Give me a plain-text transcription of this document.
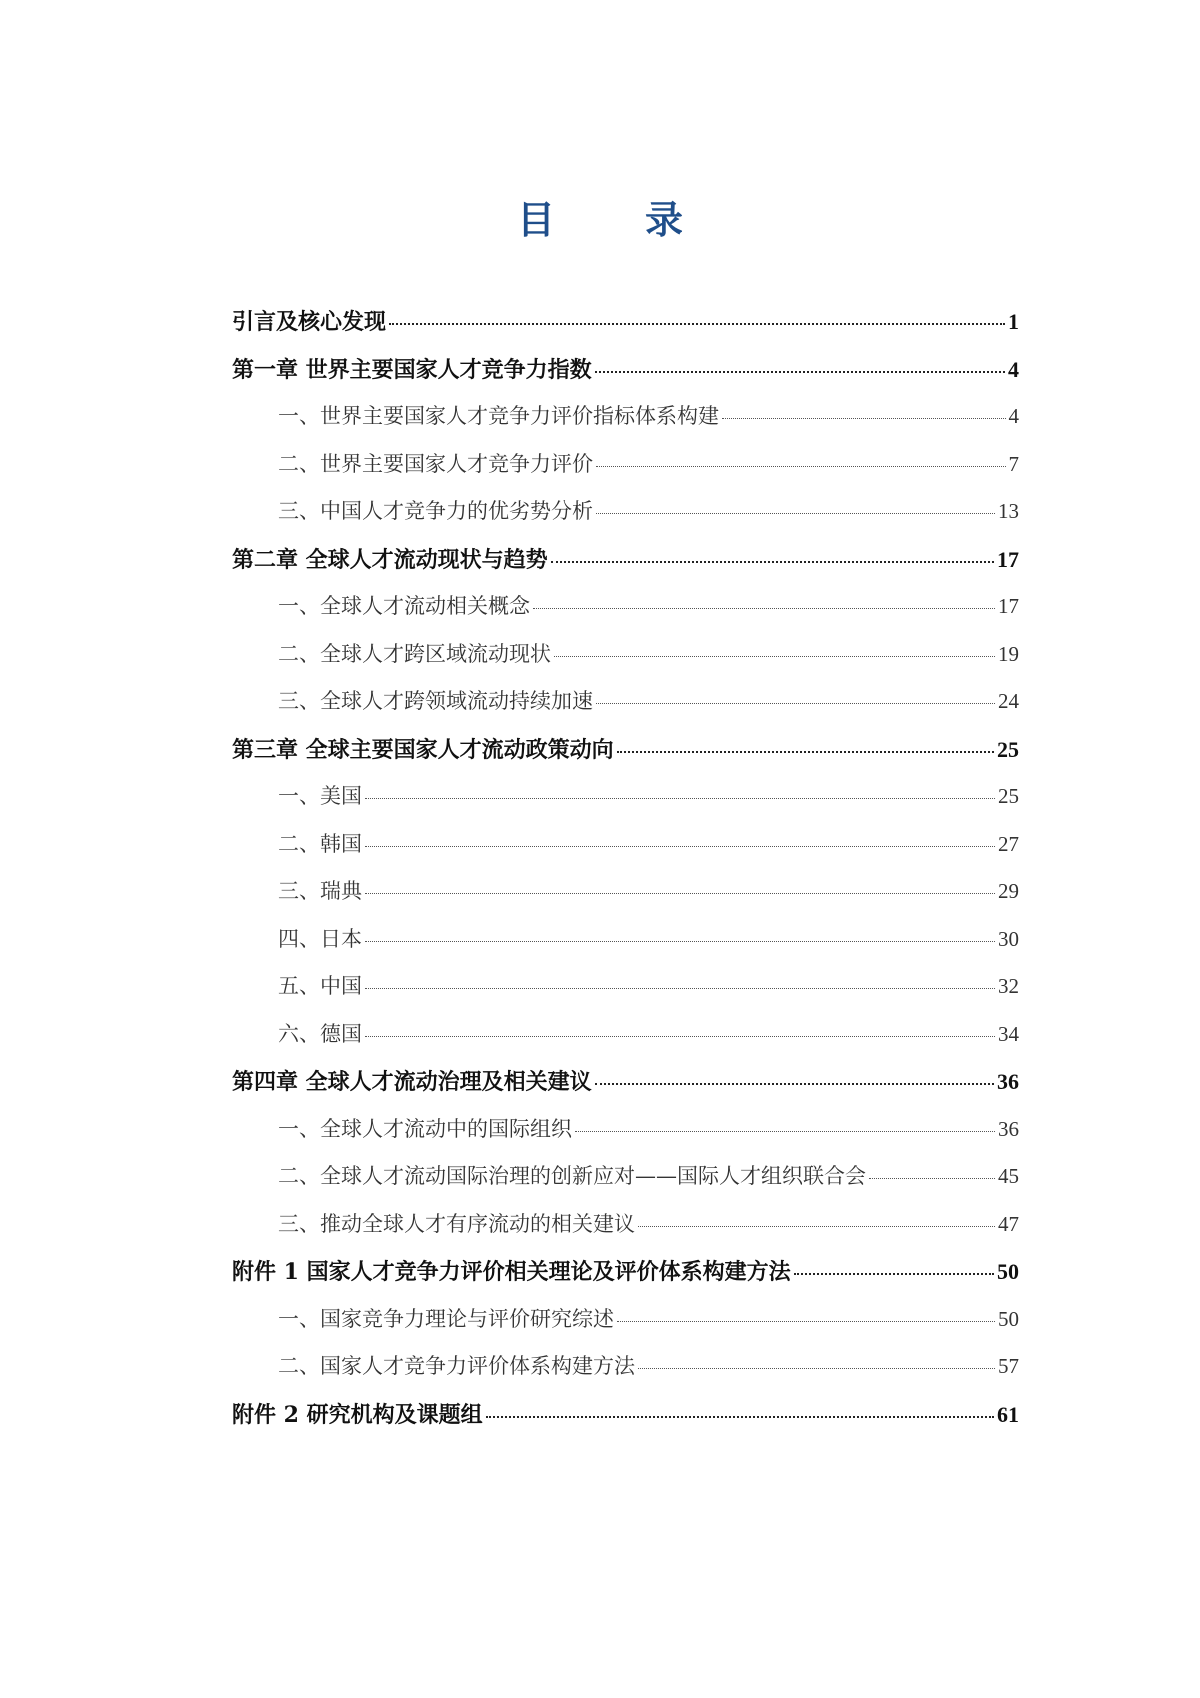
目　录
引言及核心发现	1
第一章 世界主要国家人才竞争力指数	4
一、世界主要国家人才竞争力评价指标体系构建	4
二、世界主要国家人才竞争力评价	7
三、中国人才竞争力的优劣势分析	13
第二章 全球人才流动现状与趋势	17
一、全球人才流动相关概念	17
二、全球人才跨区域流动现状	19
三、全球人才跨领域流动持续加速	24
第三章 全球主要国家人才流动政策动向	25
一、美国	25
二、韩国	27
三、瑞典	29
四、日本	30
五、中国	32
六、德国	34
第四章 全球人才流动治理及相关建议	36
一、全球人才流动中的国际组织	36
二、全球人才流动国际治理的创新应对——国际人才组织联合会	45
三、推动全球人才有序流动的相关建议	47
附件 1 国家人才竞争力评价相关理论及评价体系构建方法	50
一、国家竞争力理论与评价研究综述	50
二、国家人才竞争力评价体系构建方法	57
附件 2 研究机构及课题组	61
